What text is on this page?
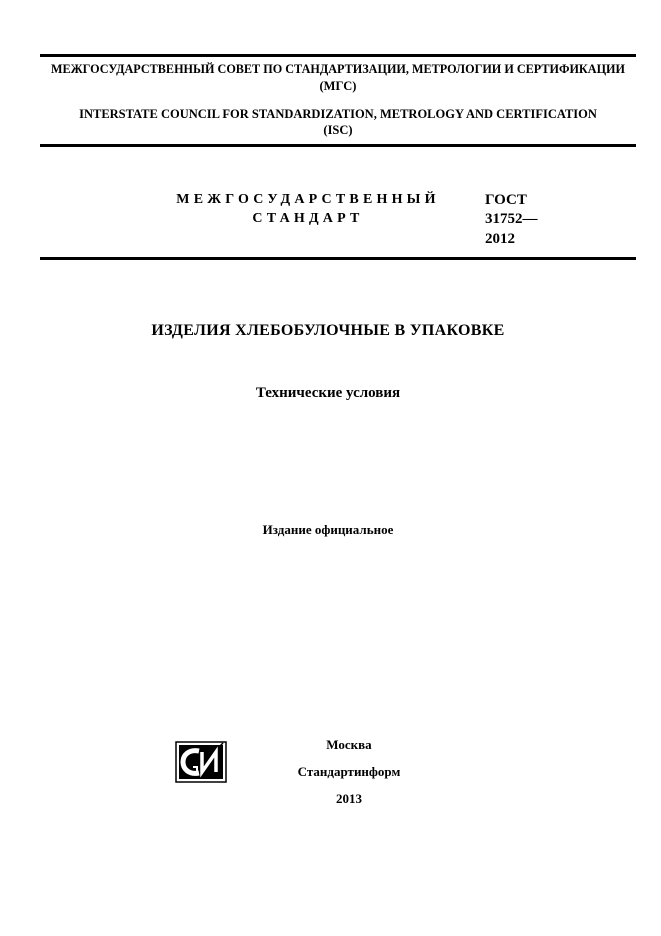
МЕЖГОСУДАРСТВЕННЫЙ СОВЕТ ПО СТАНДАРТИЗАЦИИ, МЕТРОЛОГИИ И СЕРТИФИКАЦИИ
(МГС)
INTERSTATE COUNCIL FOR STANDARDIZATION, METROLOGY AND CERTIFICATION
(ISC)
МЕЖГОСУДАРСТВЕННЫЙ
СТАНДАРТ
ГОСТ
31752—
2012
ИЗДЕЛИЯ ХЛЕБОБУЛОЧНЫЕ В УПАКОВКЕ
Технические условия
Издание официальное
Москва
Стандартинформ
2013
